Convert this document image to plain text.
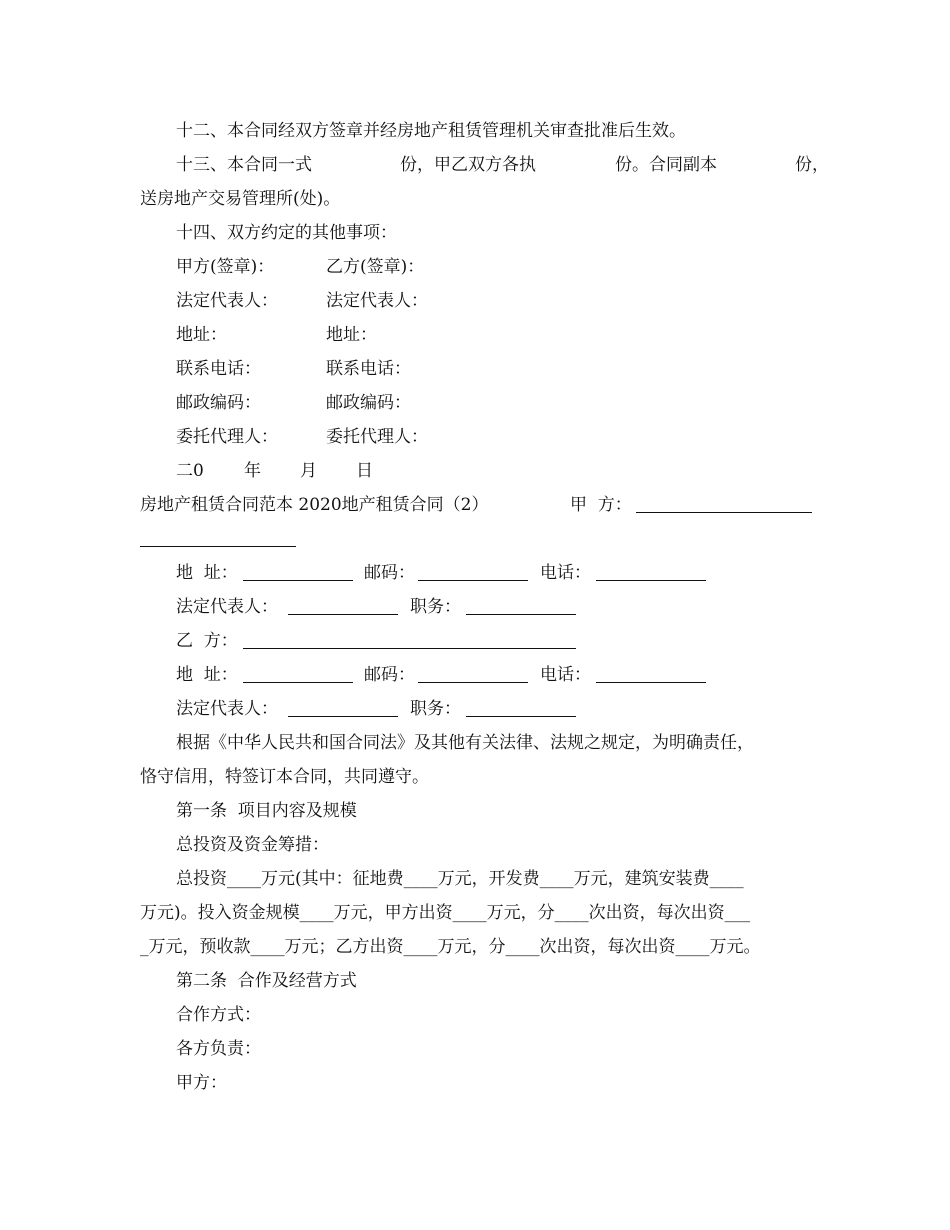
十二、本合同经双方签章并经房地产租赁管理机关审查批准后生效。
十三、本合同一式	份，甲乙双方各执	份。合同副本	份，
送房地产交易管理所(处)。
十四、双方约定的其他事项：
甲方(签章)：	乙方(签章)：
法定代表人：	法定代表人：
地址：	地址：
联系电话：	联系电话：
邮政编码：	邮政编码：
委托代理人：	委托代理人：
二0 年 月 日
房地产租赁合同范本 2020地产租赁合同（2）	甲  方：
地  址：	邮码：	电话：
法定代表人：	职务：
乙  方：
地  址：	邮码：	电话：
法定代表人：	职务：
根据《中华人民共和国合同法》及其他有关法律、法规之规定，为明确责任，
恪守信用，特签订本合同，共同遵守。
第一条  项目内容及规模
总投资及资金筹措：
总投资____万元(其中：征地费____万元，开发费____万元，建筑安装费____
万元)。投入资金规模____万元，甲方出资____万元，分____次出资，每次出资___
_万元，预收款____万元；乙方出资____万元，分____次出资，每次出资____万元。
第二条  合作及经营方式
合作方式：
各方负责：
甲方：
